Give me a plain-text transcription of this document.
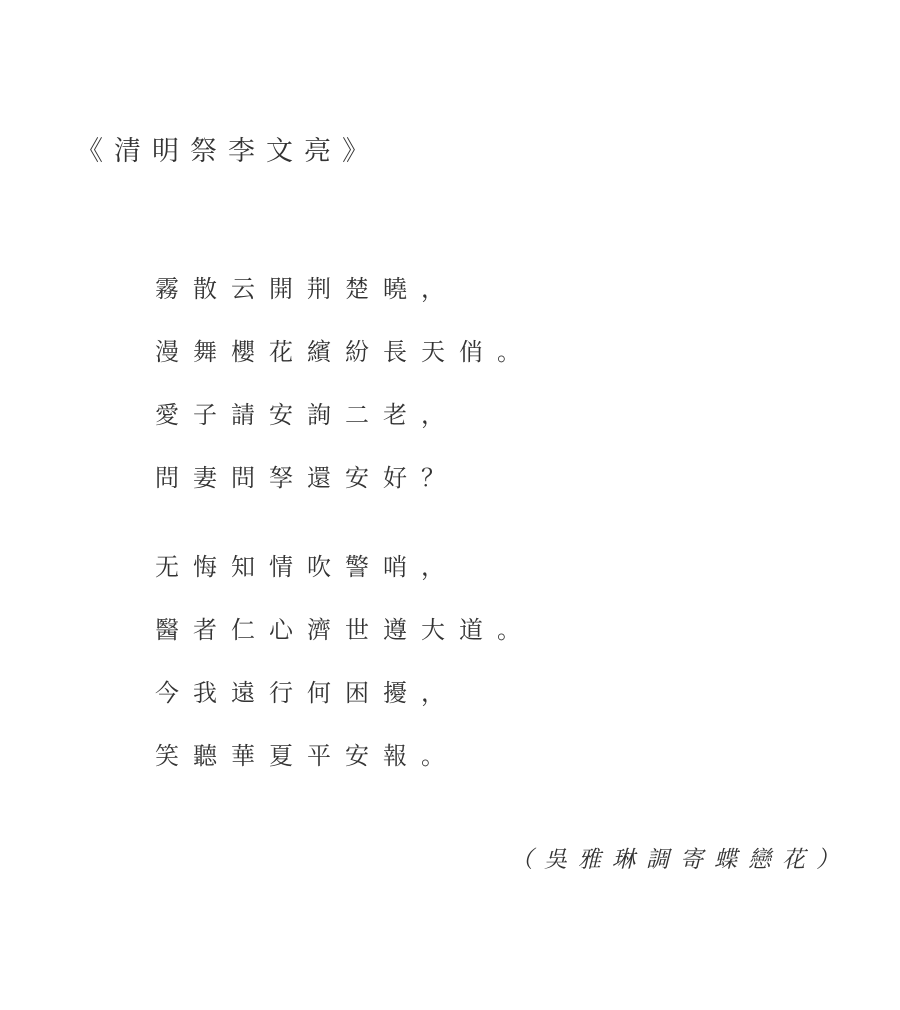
《清明祭李文亮》
霧散云開荆楚曉，
漫舞櫻花繽紛長天俏。
愛子請安詢二老，
問妻問孥還安好？
无悔知情吹警哨，
醫者仁心濟世遵大道。
今我遠行何困擾，
笑聽華夏平安報。
（吳雅琳調寄蝶戀花）
